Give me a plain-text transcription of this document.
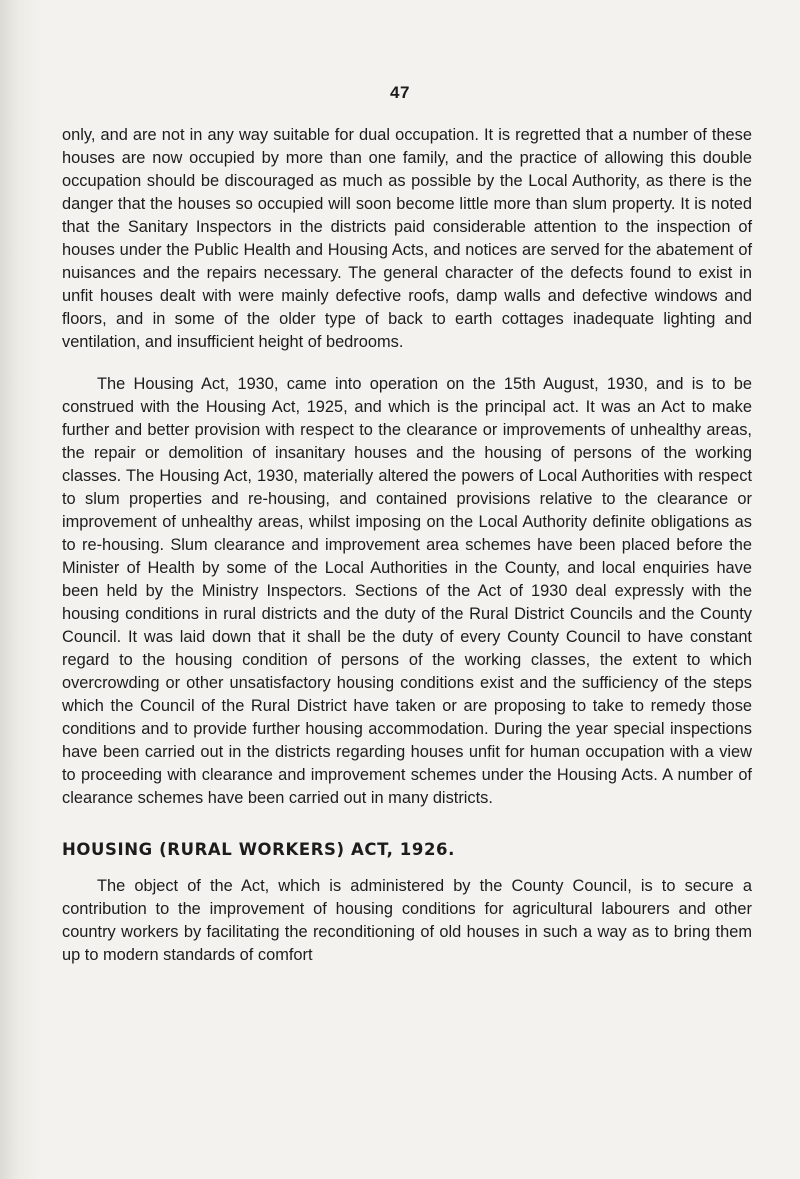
47

only, and are not in any way suitable for dual occupation. It is regretted that a number of these houses are now occupied by more than one family, and the practice of allowing this double occupation should be discouraged as much as possible by the Local Authority, as there is the danger that the houses so occupied will soon become little more than slum property. It is noted that the Sanitary Inspectors in the districts paid considerable attention to the inspection of houses under the Public Health and Housing Acts, and notices are served for the abatement of nuisances and the repairs necessary. The general character of the defects found to exist in unfit houses dealt with were mainly defective roofs, damp walls and defective windows and floors, and in some of the older type of back to earth cottages inadequate lighting and ventilation, and insufficient height of bedrooms.

The Housing Act, 1930, came into operation on the 15th August, 1930, and is to be construed with the Housing Act, 1925, and which is the principal act. It was an Act to make further and better provision with respect to the clearance or improvements of unhealthy areas, the repair or demolition of insanitary houses and the housing of persons of the working classes. The Housing Act, 1930, materially altered the powers of Local Authorities with respect to slum properties and re-housing, and contained provisions relative to the clearance or improvement of unhealthy areas, whilst imposing on the Local Authority definite obligations as to re-housing. Slum clearance and improvement area schemes have been placed before the Minister of Health by some of the Local Authorities in the County, and local enquiries have been held by the Ministry Inspectors. Sections of the Act of 1930 deal expressly with the housing conditions in rural districts and the duty of the Rural District Councils and the County Council. It was laid down that it shall be the duty of every County Council to have constant regard to the housing condition of persons of the working classes, the extent to which overcrowding or other unsatisfactory housing conditions exist and the sufficiency of the steps which the Council of the Rural District have taken or are proposing to take to remedy those conditions and to provide further housing accommodation. During the year special inspections have been carried out in the districts regarding houses unfit for human occupation with a view to proceeding with clearance and improvement schemes under the Housing Acts. A number of clearance schemes have been carried out in many districts.

HOUSING (RURAL WORKERS) ACT, 1926.

The object of the Act, which is administered by the County Council, is to secure a contribution to the improvement of housing conditions for agricultural labourers and other country workers by facilitating the reconditioning of old houses in such a way as to bring them up to modern standards of comfort
